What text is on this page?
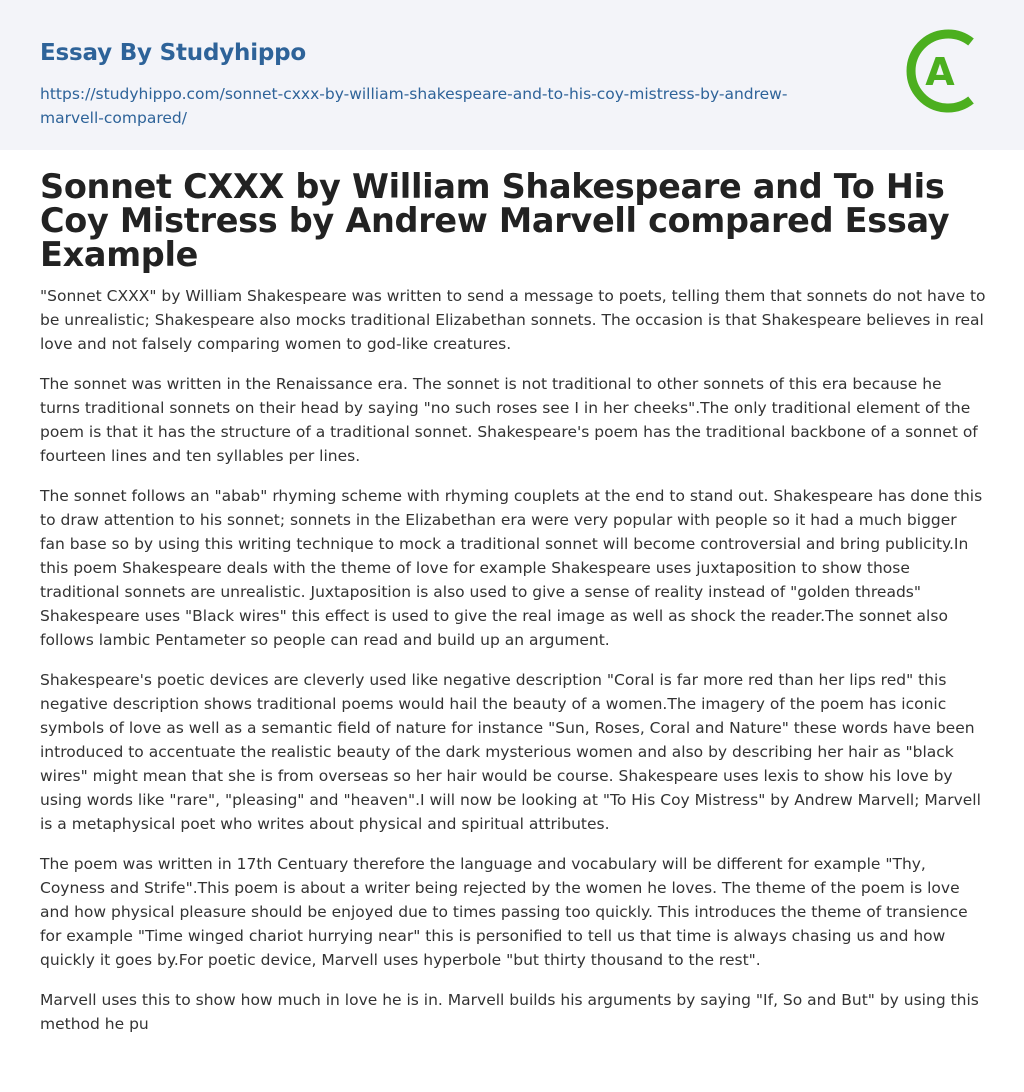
Essay By Studyhippo
https://studyhippo.com/sonnet-cxxx-by-william-shakespeare-and-to-his-coy-mistress-by-andrew-marvell-compared/
A
Sonnet CXXX by William Shakespeare and To His Coy Mistress by Andrew Marvell compared Essay Example

"Sonnet CXXX" by William Shakespeare was written to send a message to poets, telling them that sonnets do not have to be unrealistic; Shakespeare also mocks traditional Elizabethan sonnets. The occasion is that Shakespeare believes in real love and not falsely comparing women to god-like creatures.

The sonnet was written in the Renaissance era. The sonnet is not traditional to other sonnets of this era because he turns traditional sonnets on their head by saying "no such roses see I in her cheeks".The only traditional element of the poem is that it has the structure of a traditional sonnet. Shakespeare's poem has the traditional backbone of a sonnet of fourteen lines and ten syllables per lines.

The sonnet follows an "abab" rhyming scheme with rhyming couplets at the end to stand out. Shakespeare has done this to draw attention to his sonnet; sonnets in the Elizabethan era were very popular with people so it had a much bigger fan base so by using this writing technique to mock a traditional sonnet will become controversial and bring publicity.In this poem Shakespeare deals with the theme of love for example Shakespeare uses juxtaposition to show those traditional sonnets are unrealistic. Juxtaposition is also used to give a sense of reality instead of "golden threads" Shakespeare uses "Black wires" this effect is used to give the real image as well as shock the reader.The sonnet also follows lambic Pentameter so people can read and build up an argument.

Shakespeare's poetic devices are cleverly used like negative description "Coral is far more red than her lips red" this negative description shows traditional poems would hail the beauty of a women.The imagery of the poem has iconic symbols of love as well as a semantic field of nature for instance "Sun, Roses, Coral and Nature" these words have been introduced to accentuate the realistic beauty of the dark mysterious women and also by describing her hair as "black wires" might mean that she is from overseas so her hair would be course. Shakespeare uses lexis to show his love by using words like "rare", "pleasing" and "heaven".I will now be looking at "To His Coy Mistress" by Andrew Marvell; Marvell is a metaphysical poet who writes about physical and spiritual attributes.

The poem was written in 17th Centuary therefore the language and vocabulary will be different for example "Thy, Coyness and Strife".This poem is about a writer being rejected by the women he loves. The theme of the poem is love and how physical pleasure should be enjoyed due to times passing too quickly. This introduces the theme of transience for example "Time winged chariot hurrying near" this is personified to tell us that time is always chasing us and how quickly it goes by.For poetic device, Marvell uses hyperbole "but thirty thousand to the rest".

Marvell uses this to show how much in love he is in. Marvell builds his arguments by saying "If, So and But" by using this method he pu
